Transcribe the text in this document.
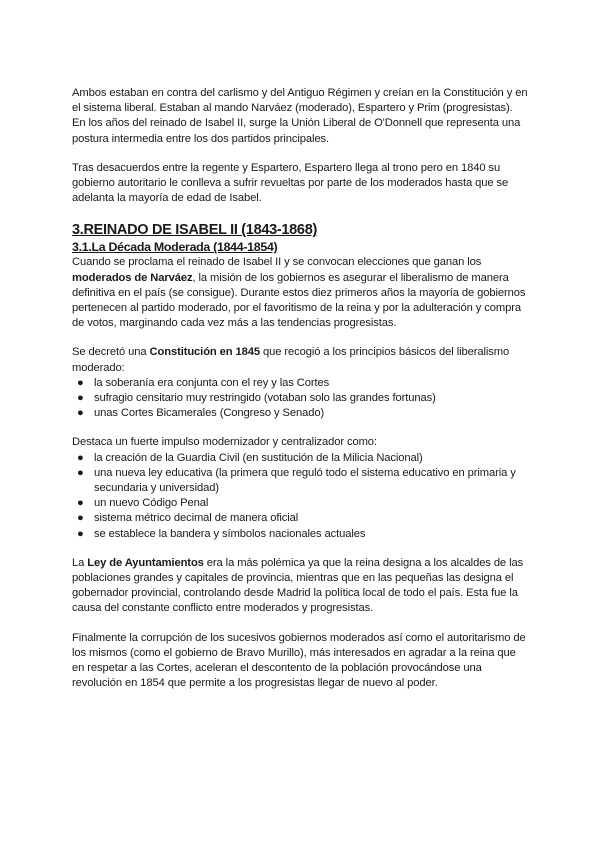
Ambos estaban en contra del carlismo y del Antiguo Régimen y creían en la Constitución y en el sistema liberal. Estaban al mando Narváez (moderado), Espartero y Prim (progresistas). En los años del reinado de Isabel II, surge la Unión Liberal de O'Donnell que representa una postura intermedia entre los dos partidos principales.

Tras desacuerdos entre la regente y Espartero, Espartero llega al trono pero en 1840 su gobierno autoritario le conlleva a sufrir revueltas por parte de los moderados hasta que se adelanta la mayoría de edad de Isabel.

3.REINADO DE ISABEL II (1843-1868)
3.1.La Década Moderada (1844-1854)

Cuando se proclama el reinado de Isabel II y se convocan elecciones que ganan los moderados de Narváez, la misión de los gobiernos es asegurar el liberalismo de manera definitiva en el país (se consigue). Durante estos diez primeros años la mayoría de gobiernos pertenecen al partido moderado, por el favoritismo de la reina y por la adulteración y compra de votos, marginando cada vez más a las tendencias progresistas.

Se decretó una Constitución en 1845 que recogió a los principios básicos del liberalismo moderado:

● la soberanía era conjunta con el rey y las Cortes
● sufragio censitario muy restringido (votaban solo las grandes fortunas)
● unas Cortes Bicamerales (Congreso y Senado)

Destaca un fuerte impulso modernizador y centralizador como:

● la creación de la Guardia Civil (en sustitución de la Milicia Nacional)
● una nueva ley educativa (la primera que reguló todo el sistema educativo en primaria y secundaria y universidad)
● un nuevo Código Penal
● sistema métrico decimal de manera oficial
● se establece la bandera y símbolos nacionales actuales

La Ley de Ayuntamientos era la más polémica ya que la reina designa a los alcaldes de las poblaciones grandes y capitales de provincia, mientras que en las pequeñas las designa el gobernador provincial, controlando desde Madrid la política local de todo el país. Esta fue la causa del constante conflicto entre moderados y progresistas.

Finalmente la corrupción de los sucesivos gobiernos moderados así como el autoritarismo de los mismos (como el gobierno de Bravo Murillo), más interesados en agradar a la reina que en respetar a las Cortes, aceleran el descontento de la población provocándose una revolución en 1854 que permite a los progresistas llegar de nuevo al poder.
